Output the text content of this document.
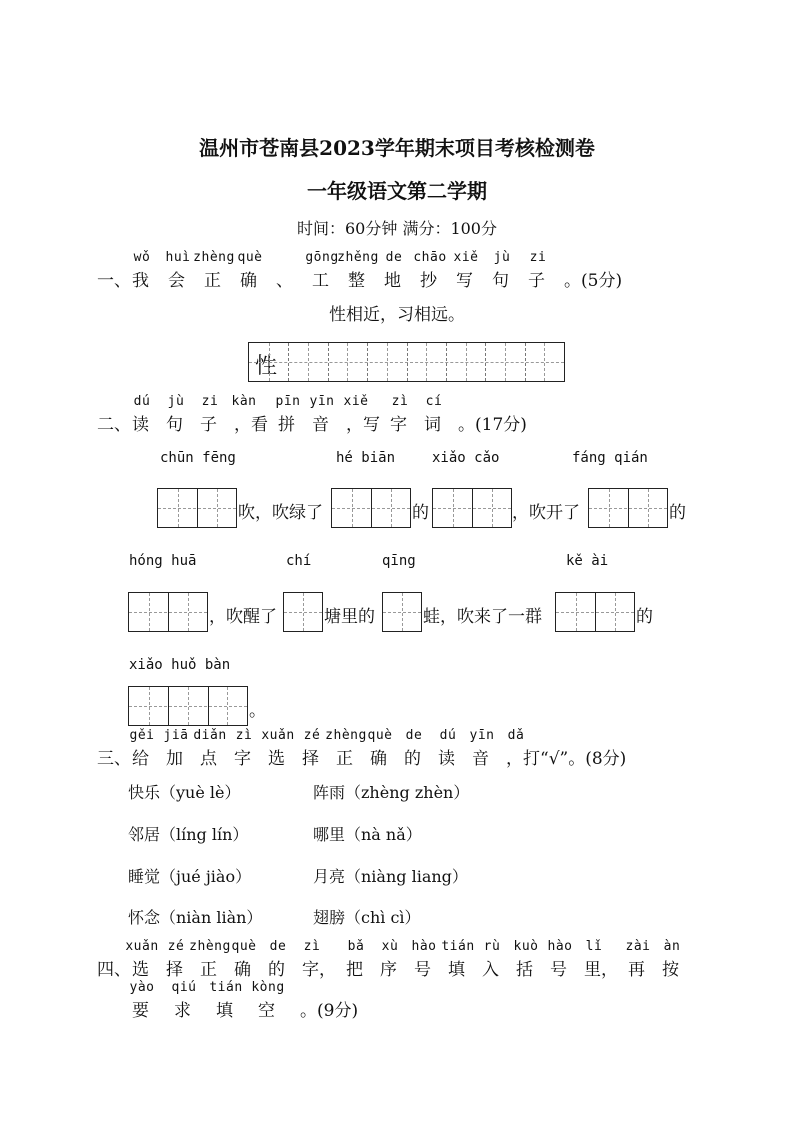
温州市苍南县2023学年期末项目考核检测卷
一年级语文第二学期
时间：60分钟 满分：100分
一、
wǒ
我
huì
会
zhèng
正
què
确 、
gōng
工
zhěng
整
de
地
chāo
抄
xiě
写
jù
句
zi
子 。(5分)
性相近，习相远。
性
二、
dú
读
jù
句
zi
子
kàn
，看
pīn
拼
yīn
音
xiě
，写
zì
字
cí
词 。(17分)
chūn fēng	hé biān	xiǎo cǎo	fáng qián
吹，吹绿了	的	，吹开了	的
hóng huā	chí	qīng	kě ài
，吹醒了	塘里的	蛙，吹来了一群	的
xiǎo huǒ bàn
。
三、
gěi
给
jiā
加
diǎn
点
zì
字
xuǎn
选
zé
择
zhèng
正
què
确
de
的
dú
读
yīn
音
dǎ
，打“√”。(8分)
快乐（yuè lè）	阵雨（zhèng zhèn）
邻居（líng lín）	哪里（nà nǎ）
睡觉（jué jiào）	月亮（niàng liang）
怀念（niàn liàn）	翅膀（chì cì）
四、
xuǎn
选
zé
择
zhèng
正
què
确
de
的
zì
字，
bǎ
把
xù
序
hào
号
tián
填
rù
入
kuò
括
hào
号
lǐ
里，
zài
再
àn
按
yào
要
qiú
求
tián
填
kòng
空 。(9分)
